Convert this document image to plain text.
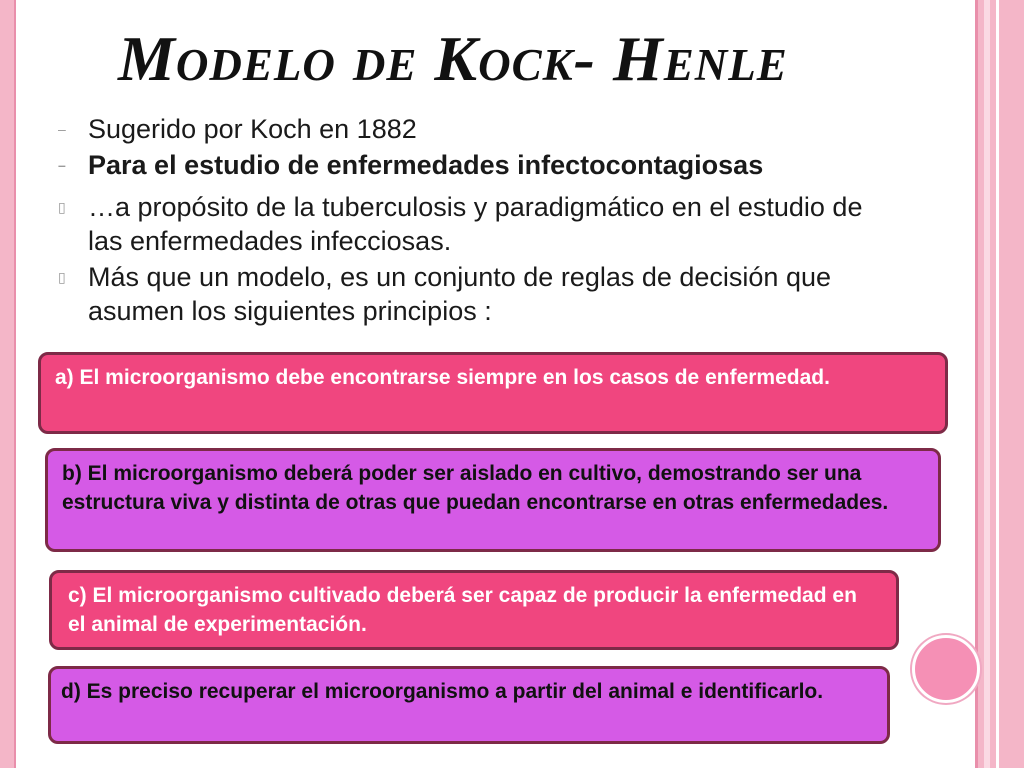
Modelo de Kock- Henle
– Sugerido por Koch en 1882
– Para el estudio de enfermedades infectocontagiosas
▯ …a propósito de la tuberculosis y paradigmático en el estudio de las enfermedades infecciosas.
▯ Más que un modelo, es un conjunto de reglas de decisión que asumen los siguientes principios :
a) El microorganismo debe encontrarse siempre en los casos de enfermedad.
b) El microorganismo deberá poder ser aislado en cultivo, demostrando ser una estructura viva y distinta de otras que puedan encontrarse en otras enfermedades.
c) El microorganismo cultivado deberá ser capaz de producir la enfermedad en el animal de experimentación.
d) Es preciso recuperar el microorganismo a partir del animal e identificarlo.
